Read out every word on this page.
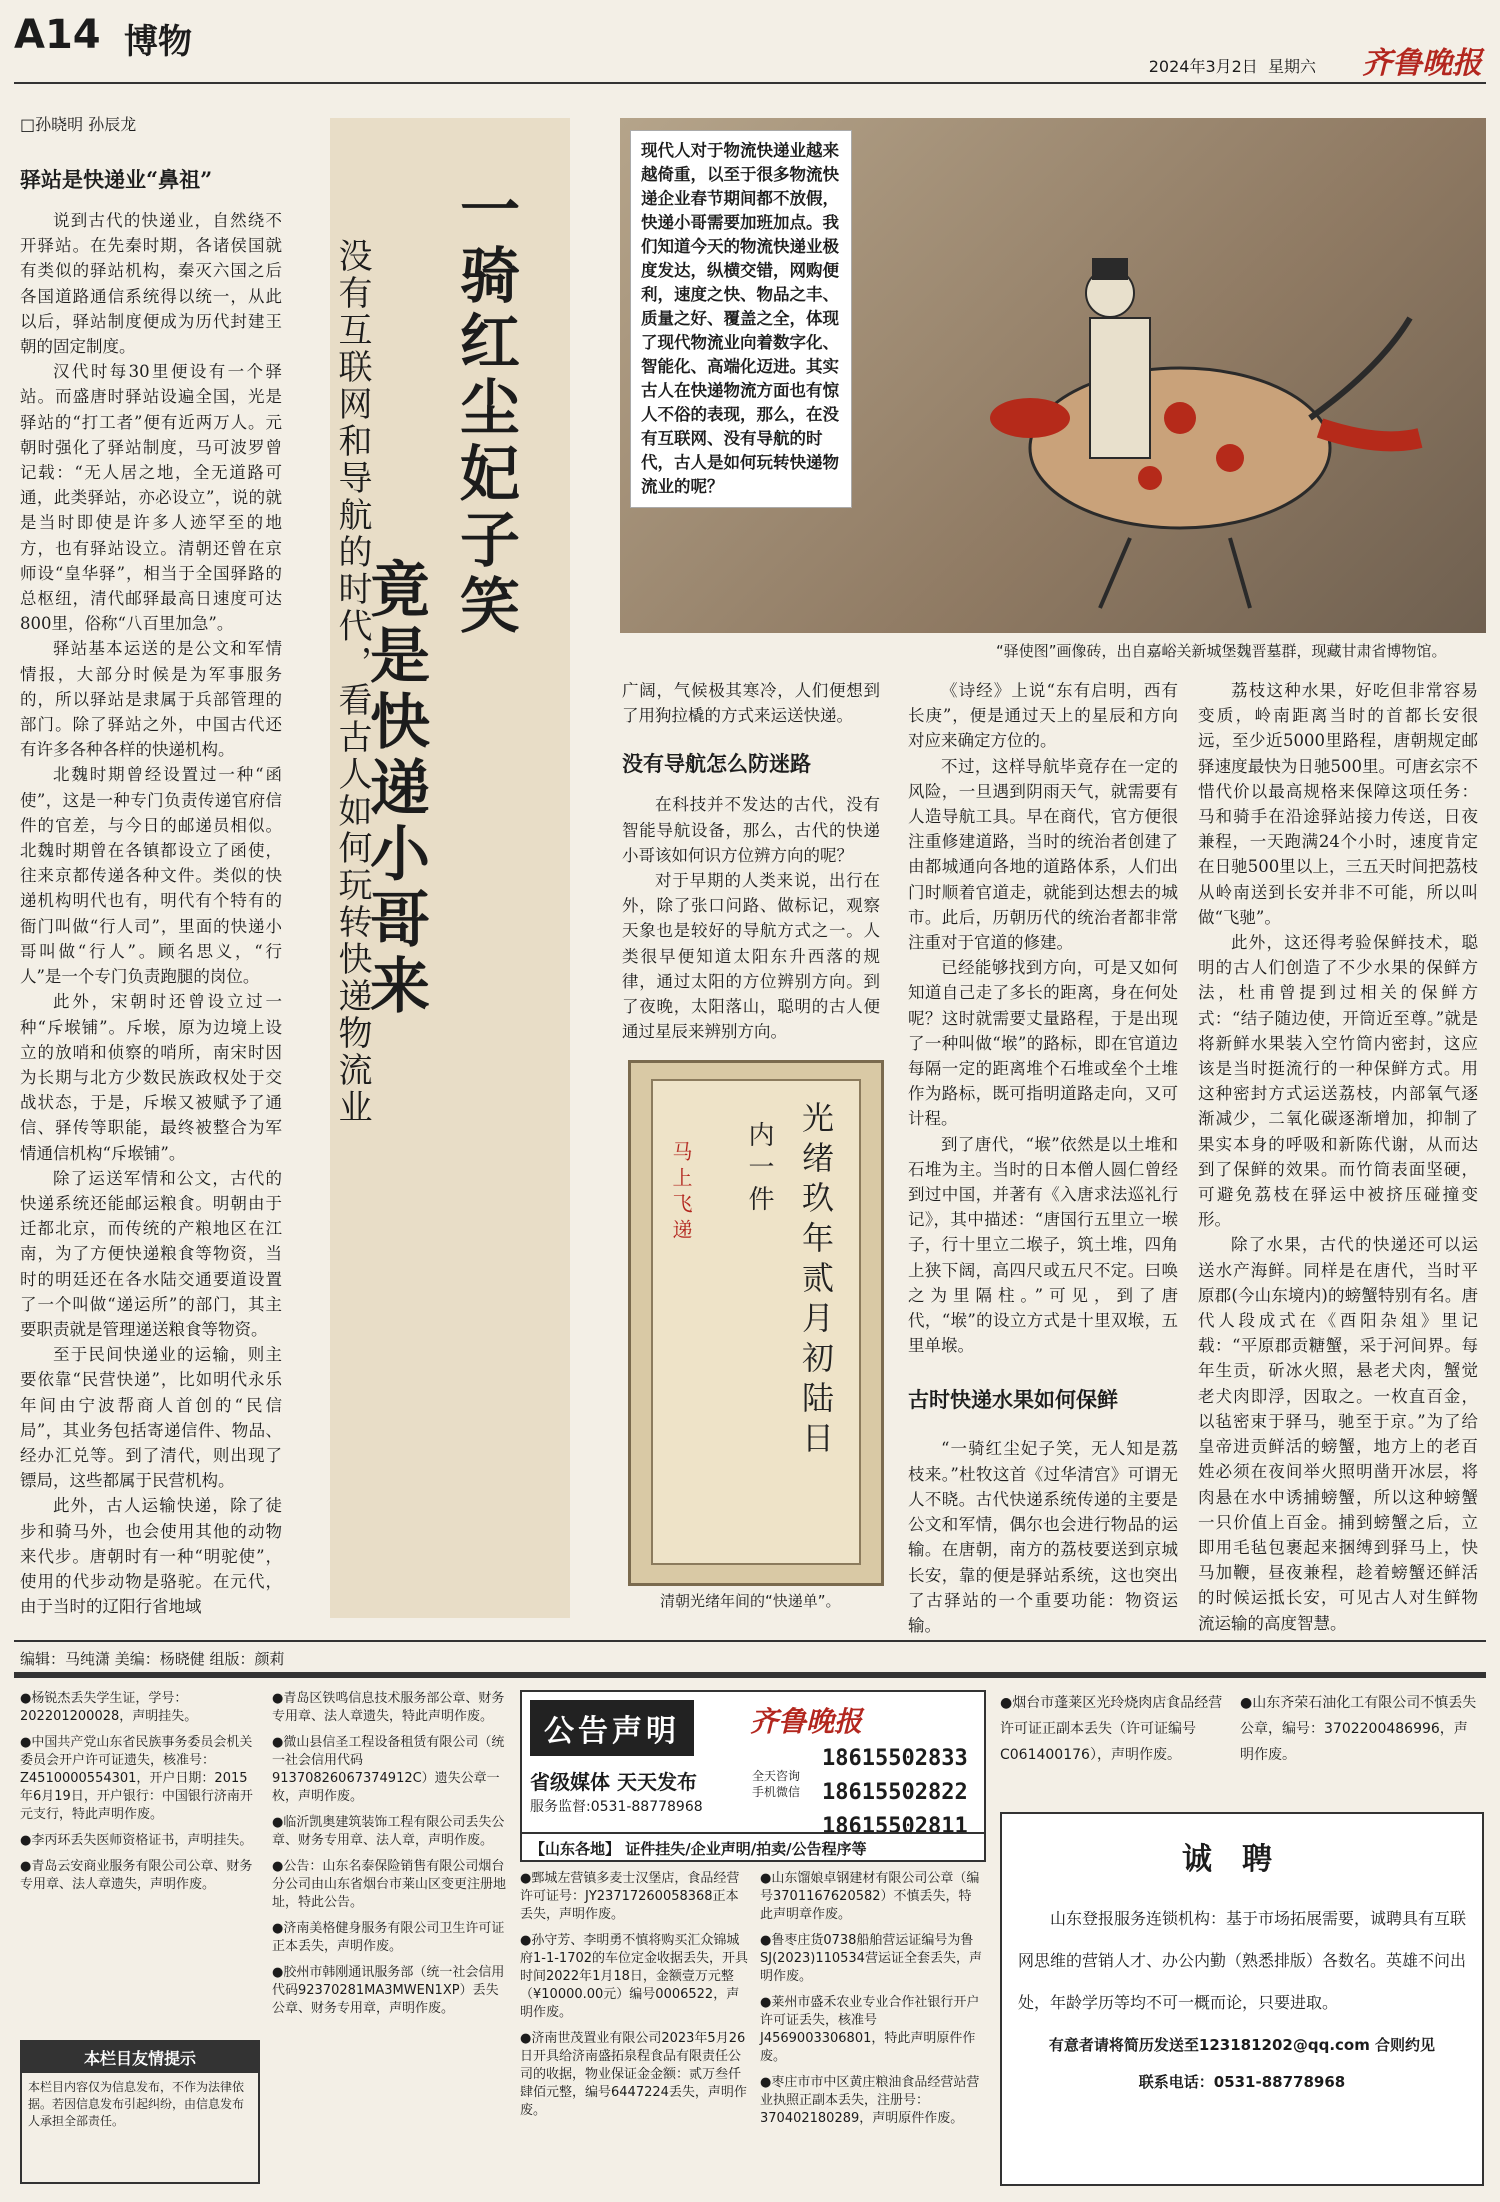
A14 博物
2024年3月2日 星期六 齐鲁晚报
□孙晓明 孙辰龙
驿站是快递业“鼻祖”

说到古代的快递业，自然绕不开驿站。在先秦时期，各诸侯国就有类似的驿站机构，秦灭六国之后各国道路通信系统得以统一，从此以后，驿站制度便成为历代封建王朝的固定制度。

汉代时每30里便设有一个驿站。而盛唐时驿站设遍全国，光是驿站的“打工者”便有近两万人。元朝时强化了驿站制度，马可波罗曾记载：“无人居之地，全无道路可通，此类驿站，亦必设立”，说的就是当时即使是许多人迹罕至的地方，也有驿站设立。清朝还曾在京师设“皇华驿”，相当于全国驿路的总枢纽，清代邮驿最高日速度可达800里，俗称“八百里加急”。

驿站基本运送的是公文和军情情报，大部分时候是为军事服务的，所以驿站是隶属于兵部管理的部门。除了驿站之外，中国古代还有许多各种各样的快递机构。

北魏时期曾经设置过一种“函使”，这是一种专门负责传递官府信件的官差，与今日的邮递员相似。北魏时期曾在各镇都设立了函使，往来京都传递各种文件。类似的快递机构明代也有，明代有个特有的衙门叫做“行人司”，里面的快递小哥叫做“行人”。顾名思义，“行人”是一个专门负责跑腿的岗位。

此外，宋朝时还曾设立过一种“斥堠铺”。斥堠，原为边境上设立的放哨和侦察的哨所，南宋时因为长期与北方少数民族政权处于交战状态，于是，斥堠又被赋予了通信、驿传等职能，最终被整合为军情通信机构“斥堠铺”。

除了运送军情和公文，古代的快递系统还能邮运粮食。明朝由于迁都北京，而传统的产粮地区在江南，为了方便快递粮食等物资，当时的明廷还在各水陆交通要道设置了一个叫做“递运所”的部门，其主要职责就是管理递送粮食等物资。

至于民间快递业的运输，则主要依靠“民营快递”，比如明代永乐年间由宁波帮商人首创的“民信局”，其业务包括寄递信件、物品、经办汇兑等。到了清代，则出现了镖局，这些都属于民营机构。

此外，古人运输快递，除了徒步和骑马外，也会使用其他的动物来代步。唐朝时有一种“明驼使”，使用的代步动物是骆驼。在元代，由于当时的辽阳行省地域

一骑红尘妃子笑
竟是快递小哥来
没有互联网和导航的时代，看古人如何玩转快递物流业
现代人对于物流快递业越来越倚重，以至于很多物流快递企业春节期间都不放假，快递小哥需要加班加点。我们知道今天的物流快递业极度发达，纵横交错，网购便利，速度之快、物品之丰、质量之好、覆盖之全，体现了现代物流业向着数字化、智能化、高端化迈进。其实古人在快递物流方面也有惊人不俗的表现，那么，在没有互联网、没有导航的时代，古人是如何玩转快递物流业的呢？
“驿使图”画像砖，出自嘉峪关新城堡魏晋墓群，现藏甘肃省博物馆。

广阔，气候极其寒冷，人们便想到了用狗拉橇的方式来运送快递。

没有导航怎么防迷路

在科技并不发达的古代，没有智能导航设备，那么，古代的快递小哥该如何识方位辨方向的呢？

对于早期的人类来说，出行在外，除了张口问路、做标记，观察天象也是较好的导航方式之一。人类很早便知道太阳东升西落的规律，通过太阳的方位辨别方向。到了夜晚，太阳落山，聪明的古人便通过星辰来辨别方向。

光绪玖年贰月初陆日
内一件
马上飞递
清朝光绪年间的“快递单”。

《诗经》上说“东有启明，西有长庚”，便是通过天上的星辰和方向对应来确定方位的。

不过，这样导航毕竟存在一定的风险，一旦遇到阴雨天气，就需要有人造导航工具。早在商代，官方便很注重修建道路，当时的统治者创建了由都城通向各地的道路体系，人们出门时顺着官道走，就能到达想去的城市。此后，历朝历代的统治者都非常注重对于官道的修建。

已经能够找到方向，可是又如何知道自己走了多长的距离，身在何处呢？这时就需要丈量路程，于是出现了一种叫做“堠”的路标，即在官道边每隔一定的距离堆个石堆或垒个土堆作为路标，既可指明道路走向，又可计程。

到了唐代，“堠”依然是以土堆和石堆为主。当时的日本僧人圆仁曾经到过中国，并著有《入唐求法巡礼行记》，其中描述：“唐国行五里立一堠子，行十里立二堠子，筑土堆，四角上狭下阔，高四尺或五尺不定。曰唤之为里隔柱。”可见，到了唐代，“堠”的设立方式是十里双堠，五里单堠。

古时快递水果如何保鲜

“一骑红尘妃子笑，无人知是荔枝来。”杜牧这首《过华清宫》可谓无人不晓。古代快递系统传递的主要是公文和军情，偶尔也会进行物品的运输。在唐朝，南方的荔枝要送到京城长安，靠的便是驿站系统，这也突出了古驿站的一个重要功能：物资运输。

荔枝这种水果，好吃但非常容易变质，岭南距离当时的首都长安很远，至少近5000里路程，唐朝规定邮驿速度最快为日驰500里。可唐玄宗不惜代价以最高规格来保障这项任务：马和骑手在沿途驿站接力传送，日夜兼程，一天跑满24个小时，速度肯定在日驰500里以上，三五天时间把荔枝从岭南送到长安并非不可能，所以叫做“飞驰”。

此外，这还得考验保鲜技术，聪明的古人们创造了不少水果的保鲜方法，杜甫曾提到过相关的保鲜方式：“结子随边使，开筒近至尊。”就是将新鲜水果装入空竹筒内密封，这应该是当时挺流行的一种保鲜方式。用这种密封方式运送荔枝，内部氧气逐渐减少，二氧化碳逐渐增加，抑制了果实本身的呼吸和新陈代谢，从而达到了保鲜的效果。而竹筒表面坚硬，可避免荔枝在驿运中被挤压碰撞变形。

除了水果，古代的快递还可以运送水产海鲜。同样是在唐代，当时平原郡(今山东境内)的螃蟹特别有名。唐代人段成式在《酉阳杂俎》里记载：“平原郡贡糖蟹，采于河间界。每年生贡，斫冰火照，悬老犬肉，蟹觉老犬肉即浮，因取之。一枚直百金，以毡密束于驿马，驰至于京。”为了给皇帝进贡鲜活的螃蟹，地方上的老百姓必须在夜间举火照明凿开冰层，将肉悬在水中诱捕螃蟹，所以这种螃蟹一只价值上百金。捕到螃蟹之后，立即用毛毡包裹起来捆缚到驿马上，快马加鞭，昼夜兼程，趁着螃蟹还鲜活的时候运抵长安，可见古人对生鲜物流运输的高度智慧。

编辑：马纯潇 美编：杨晓健 组版：颜莉
●杨锐杰丢失学生证，学号：202201200028，声明挂失。
●中国共产党山东省民族事务委员会机关委员会开户许可证遗失，核准号：Z4510000554301，开户日期：2015年6月19日，开户银行：中国银行济南开元支行，特此声明作废。
●李丙环丢失医师资格证书，声明挂失。
●青岛云安商业服务有限公司公章、财务专用章、法人章遗失，声明作废。
本栏目友情提示
本栏目内容仅为信息发布，不作为法律依据。若因信息发布引起纠纷，由信息发布人承担全部责任。
●青岛区铁鸣信息技术服务部公章、财务专用章、法人章遗失，特此声明作废。
●微山县信圣工程设备租赁有限公司（统一社会信用代码91370826067374912C）遗失公章一枚，声明作废。
●临沂凯奥建筑装饰工程有限公司丢失公章、财务专用章、法人章，声明作废。
●公告：山东名泰保险销售有限公司烟台分公司由山东省烟台市莱山区变更注册地址，特此公告。
●济南美格健身服务有限公司卫生许可证正本丢失，声明作废。
●胶州市韩刚通讯服务部（统一社会信用代码92370281MA3MWEN1XP）丢失公章、财务专用章，声明作废。
公告声明
省级媒体 天天发布
服务监督:0531-88778968
齐鲁晚报
全天咨询 手机微信
18615502833
18615502822
18615502811
【山东各地】 证件挂失/企业声明/拍卖/公告程序等
●鄄城左营镇多麦士汉堡店，食品经营许可证号：JY23717260058368正本丢失，声明作废。
●孙守芳、李明勇不慎将购买汇众锦城府1-1-1702的车位定金收据丢失，开具时间2022年1月18日，金额壹万元整（¥10000.00元）编号0006522，声明作废。
●济南世茂置业有限公司2023年5月26日开具给济南盛拓泉程食品有限责任公司的收据，物业保证金金额：贰万叁仟肆佰元整，编号6447224丢失，声明作废。
●山东馏娘卓钢建材有限公司公章（编号3701167620582）不慎丢失，特此声明章作废。
●鲁枣庄货0738船舶营运证编号为鲁SJ(2023)110534营运证全套丢失，声明作废。
●莱州市盛禾农业专业合作社银行开户许可证丢失，核准号J4569003306801，特此声明原件作废。
●枣庄市市中区黄庄粮油食品经营站营业执照正副本丢失，注册号：370402180289，声明原件作废。
●烟台市蓬莱区光玲烧肉店食品经营许可证正副本丢失（许可证编号C061400176），声明作废。
●山东齐荣石油化工有限公司不慎丢失公章，编号：3702200486996，声明作废。
诚聘
山东登报服务连锁机构：基于市场拓展需要，诚聘具有互联网思维的营销人才、办公内勤（熟悉排版）各数名。英雄不问出处，年龄学历等均不可一概而论，只要进取。
有意者请将简历发送至123181202@qq.com 合则约见
联系电话：0531-88778968
